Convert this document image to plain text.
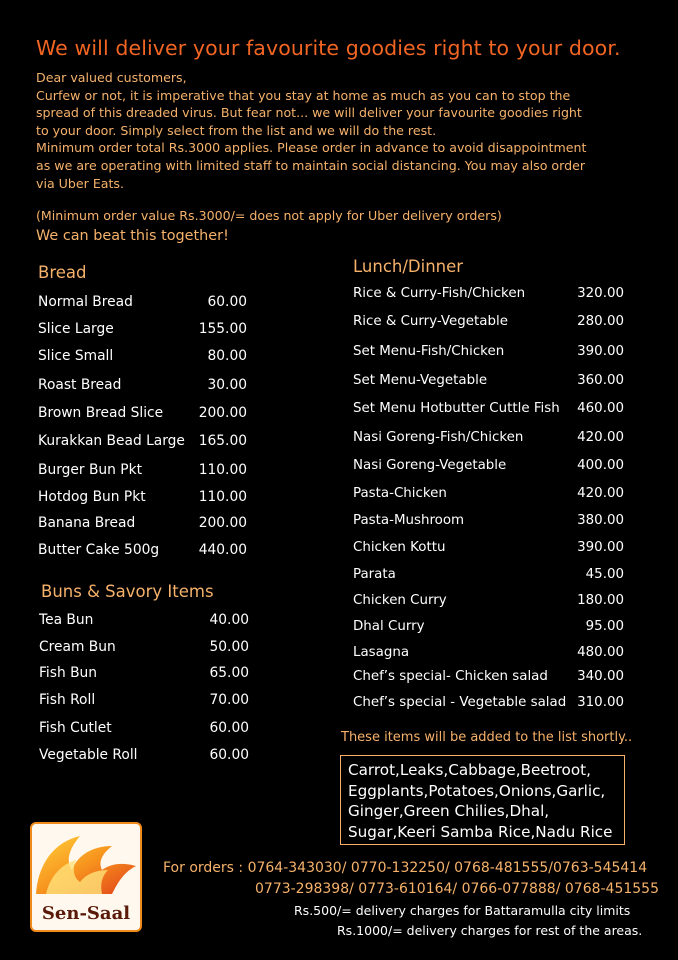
We will deliver your favourite goodies right to your door.
Dear valued customers,
Curfew or not, it is imperative that you stay at home as much as you can to stop the
spread of this dreaded virus. But fear not... we will deliver your favourite goodies right
to your door. Simply select from the list and we will do the rest.
Minimum order total Rs.3000 applies. Please order in advance to avoid disappointment
as we are operating with limited staff to maintain social distancing. You may also order
via Uber Eats.
(Minimum order value Rs.3000/= does not apply for Uber delivery orders)
We can beat this together!
Bread
Normal Bread	60.00
Slice Large	155.00
Slice Small	80.00
Roast Bread	30.00
Brown Bread Slice	200.00
Kurakkan Bead Large 165.00
Burger Bun Pkt	110.00
Hotdog Bun Pkt	110.00
Banana Bread	200.00
Butter Cake 500g	440.00
Buns & Savory Items
Tea Bun	40.00
Cream Bun	50.00
Fish Bun	65.00
Fish Roll	70.00
Fish Cutlet	60.00
Vegetable Roll	60.00
Lunch/Dinner
Rice & Curry-Fish/Chicken	320.00
Rice & Curry-Vegetable	280.00
Set Menu-Fish/Chicken	390.00
Set Menu-Vegetable	360.00
Set Menu Hotbutter Cuttle Fish	460.00
Nasi Goreng-Fish/Chicken	420.00
Nasi Goreng-Vegetable	400.00
Pasta-Chicken	420.00
Pasta-Mushroom	380.00
Chicken Kottu	390.00
Parata	45.00
Chicken Curry	180.00
Dhal Curry	95.00
Lasagna	480.00
Chef’s special- Chicken salad	340.00
Chef’s special - Vegetable salad 310.00
These items will be added to the list shortly..
Carrot,Leaks,Cabbage,Beetroot,
Eggplants,Potatoes,Onions,Garlic,
Ginger,Green Chilies,Dhal,
Sugar,Keeri Samba Rice,Nadu Rice
Sen-Saal
For orders : 0764-343030/ 0770-132250/ 0768-481555/0763-545414
0773-298398/ 0773-610164/ 0766-077888/ 0768-451555
Rs.500/= delivery charges for Battaramulla city limits
Rs.1000/= delivery charges for rest of the areas.
